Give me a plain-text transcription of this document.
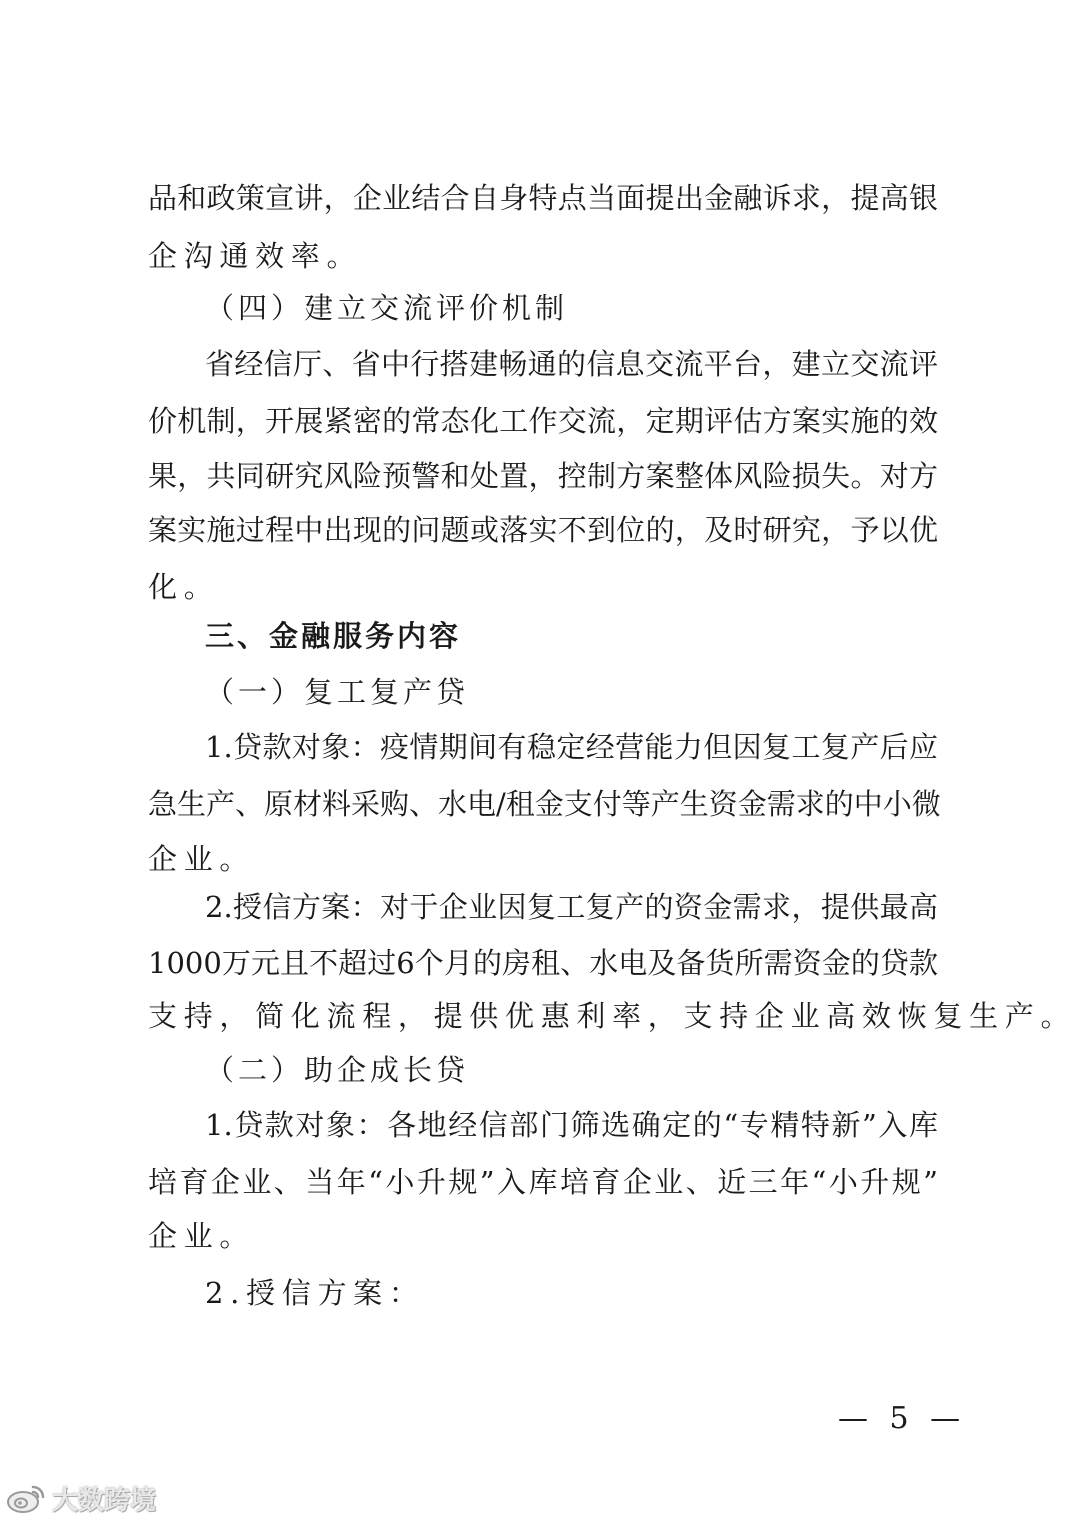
品和政策宣讲，企业结合自身特点当面提出金融诉求，提高银
企沟通效率。
（四）建立交流评价机制
省经信厅、省中行搭建畅通的信息交流平台，建立交流评
价机制，开展紧密的常态化工作交流，定期评估方案实施的效
果，共同研究风险预警和处置，控制方案整体风险损失。对方
案实施过程中出现的问题或落实不到位的，及时研究，予以优
化。
三、金融服务内容
（一）复工复产贷
1.贷款对象：疫情期间有稳定经营能力但因复工复产后应
急生产、原材料采购、水电/租金支付等产生资金需求的中小微
企业。
2.授信方案：对于企业因复工复产的资金需求，提供最高
1000万元且不超过6个月的房租、水电及备货所需资金的贷款
支持，简化流程，提供优惠利率，支持企业高效恢复生产。
（二）助企成长贷
1.贷款对象：各地经信部门筛选确定的“专精特新”入库
培育企业、当年“小升规”入库培育企业、近三年“小升规”
企业。
2.授信方案：
— 5 —
大数跨境
